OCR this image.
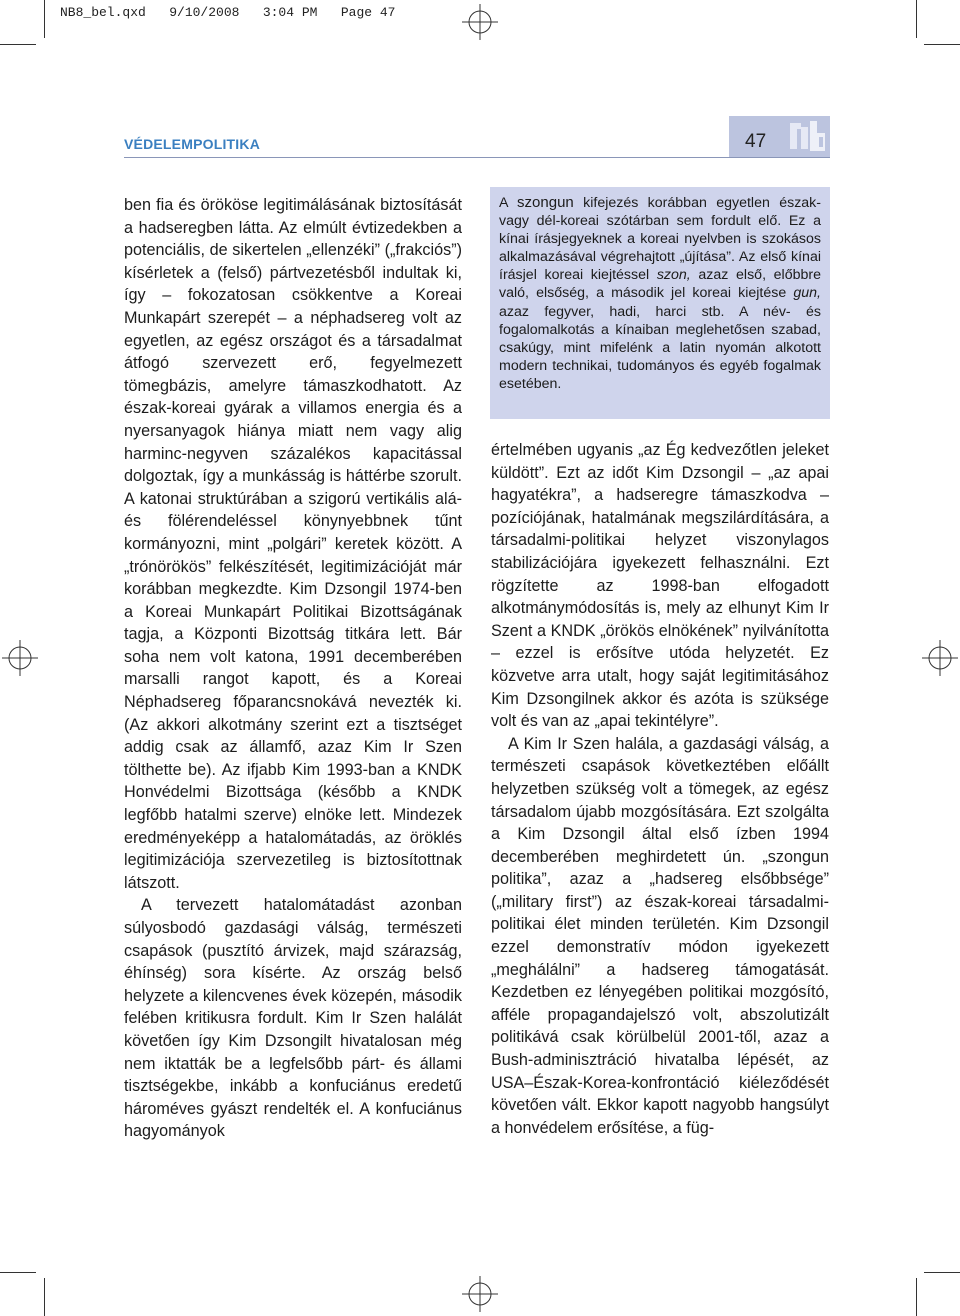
NB8_bel.qxd   9/10/2008   3:04 PM   Page 47
VÉDELEMPOLITIKA	47

ben fia és örököse legitimálásának biztosítását a hadseregben látta. Az elmúlt évtizedekben a potenciális, de sikertelen „ellenzéki” („frakciós”) kísérletek a (felső) pártvezetésből indultak ki, így – fokozatosan csökkentve a Koreai Munkapárt szerepét – a néphadsereg volt az egyetlen, az egész országot és a társadalmat átfogó szervezett erő, fegyelmezett tömegbázis, amelyre támaszkodhatott. Az észak-koreai gyárak a villamos energia és a nyersanyagok hiánya miatt nem vagy alig harminc-negyven százalékos kapacitással dolgoztak, így a munkásság is háttérbe szorult. A katonai struktúrában a szigorú vertikális alá- és fölérendeléssel könynyebbnek tűnt kormányozni, mint „polgári” keretek között. A „trónörökös” felkészítését, legitimizációját már korábban megkezdte. Kim Dzsongil 1974-ben a Koreai Munkapárt Politikai Bizottságának tagja, a Központi Bizottság titkára lett. Bár soha nem volt katona, 1991 decemberében marsalli rangot kapott, és a Koreai Néphadsereg főparancsnokává nevezték ki. (Az akkori alkotmány szerint ezt a tisztséget addig csak az államfő, azaz Kim Ir Szen tölthette be). Az ifjabb Kim 1993-ban a KNDK Honvédelmi Bizottsága (később a KNDK legfőbb hatalmi szerve) elnöke lett. Mindezek eredményeképp a hatalomátadás, az öröklés legitimizációja szervezetileg is biztosítottnak látszott.

A tervezett hatalomátadást azonban súlyosbodó gazdasági válság, természeti csapások (pusztító árvizek, majd szárazság, éhínség) sora kísérte. Az ország belső helyzete a kilencvenes évek közepén, második felében kritikusra fordult. Kim Ir Szen halálát követően így Kim Dzsongilt hivatalosan még nem iktatták be a legfelsőbb párt- és állami tisztségekbe, inkább a konfuciánus eredetű hároméves gyászt rendelték el. A konfuciánus hagyományok

A szongun kifejezés korábban egyetlen észak- vagy dél-koreai szótárban sem fordult elő. Ez a kínai írásjegyeknek a koreai nyelvben is szokásos alkalmazásával végrehajtott „újítása”. Az első kínai írásjel koreai kiejtéssel szon, azaz első, előbbre való, elsőség, a második jel koreai kiejtése gun, azaz fegyver, hadi, harci stb. A név- és fogalomalkotás a kínaiban meglehetősen szabad, csakúgy, mint mifelénk a latin nyomán alkotott modern technikai, tudományos és egyéb fogalmak esetében.

értelmében ugyanis „az Ég kedvezőtlen jeleket küldött”. Ezt az időt Kim Dzsongil – „az apai hagyatékra”, a hadseregre támaszkodva – pozíciójának, hatalmának megszilárdítására, a társadalmi-politikai helyzet viszonylagos stabilizációjára igyekezett felhasználni. Ezt rögzítette az 1998-ban elfogadott alkotmánymódosítás is, mely az elhunyt Kim Ir Szent a KNDK „örökös elnökének” nyilvánította – ezzel is erősítve utóda helyzetét. Ez közvetve arra utalt, hogy saját legitimitásához Kim Dzsongilnek akkor és azóta is szüksége volt és van az „apai tekintélyre”.

A Kim Ir Szen halála, a gazdasági válság, a természeti csapások következtében előállt helyzetben szükség volt a tömegek, az egész társadalom újabb mozgósítására. Ezt szolgálta a Kim Dzsongil által első ízben 1994 decemberében meghirdetett ún. „szongun politika”, azaz a „hadsereg elsőbbsége” („military first”) az észak-koreai társadalmi-politikai élet minden területén. Kim Dzsongil ezzel demonstratív módon igyekezett „meghálálni” a hadsereg támogatását. Kezdetben ez lényegében politikai mozgósító, afféle propagandajelszó volt, abszolutizált politikává csak körülbelül 2001-től, azaz a Bush-adminisztráció hivatalba lépését, az USA–Észak-Korea-konfrontáció kiéleződését követően vált. Ekkor kapott nagyobb hangsúlyt a honvédelem erősítése, a füg-
